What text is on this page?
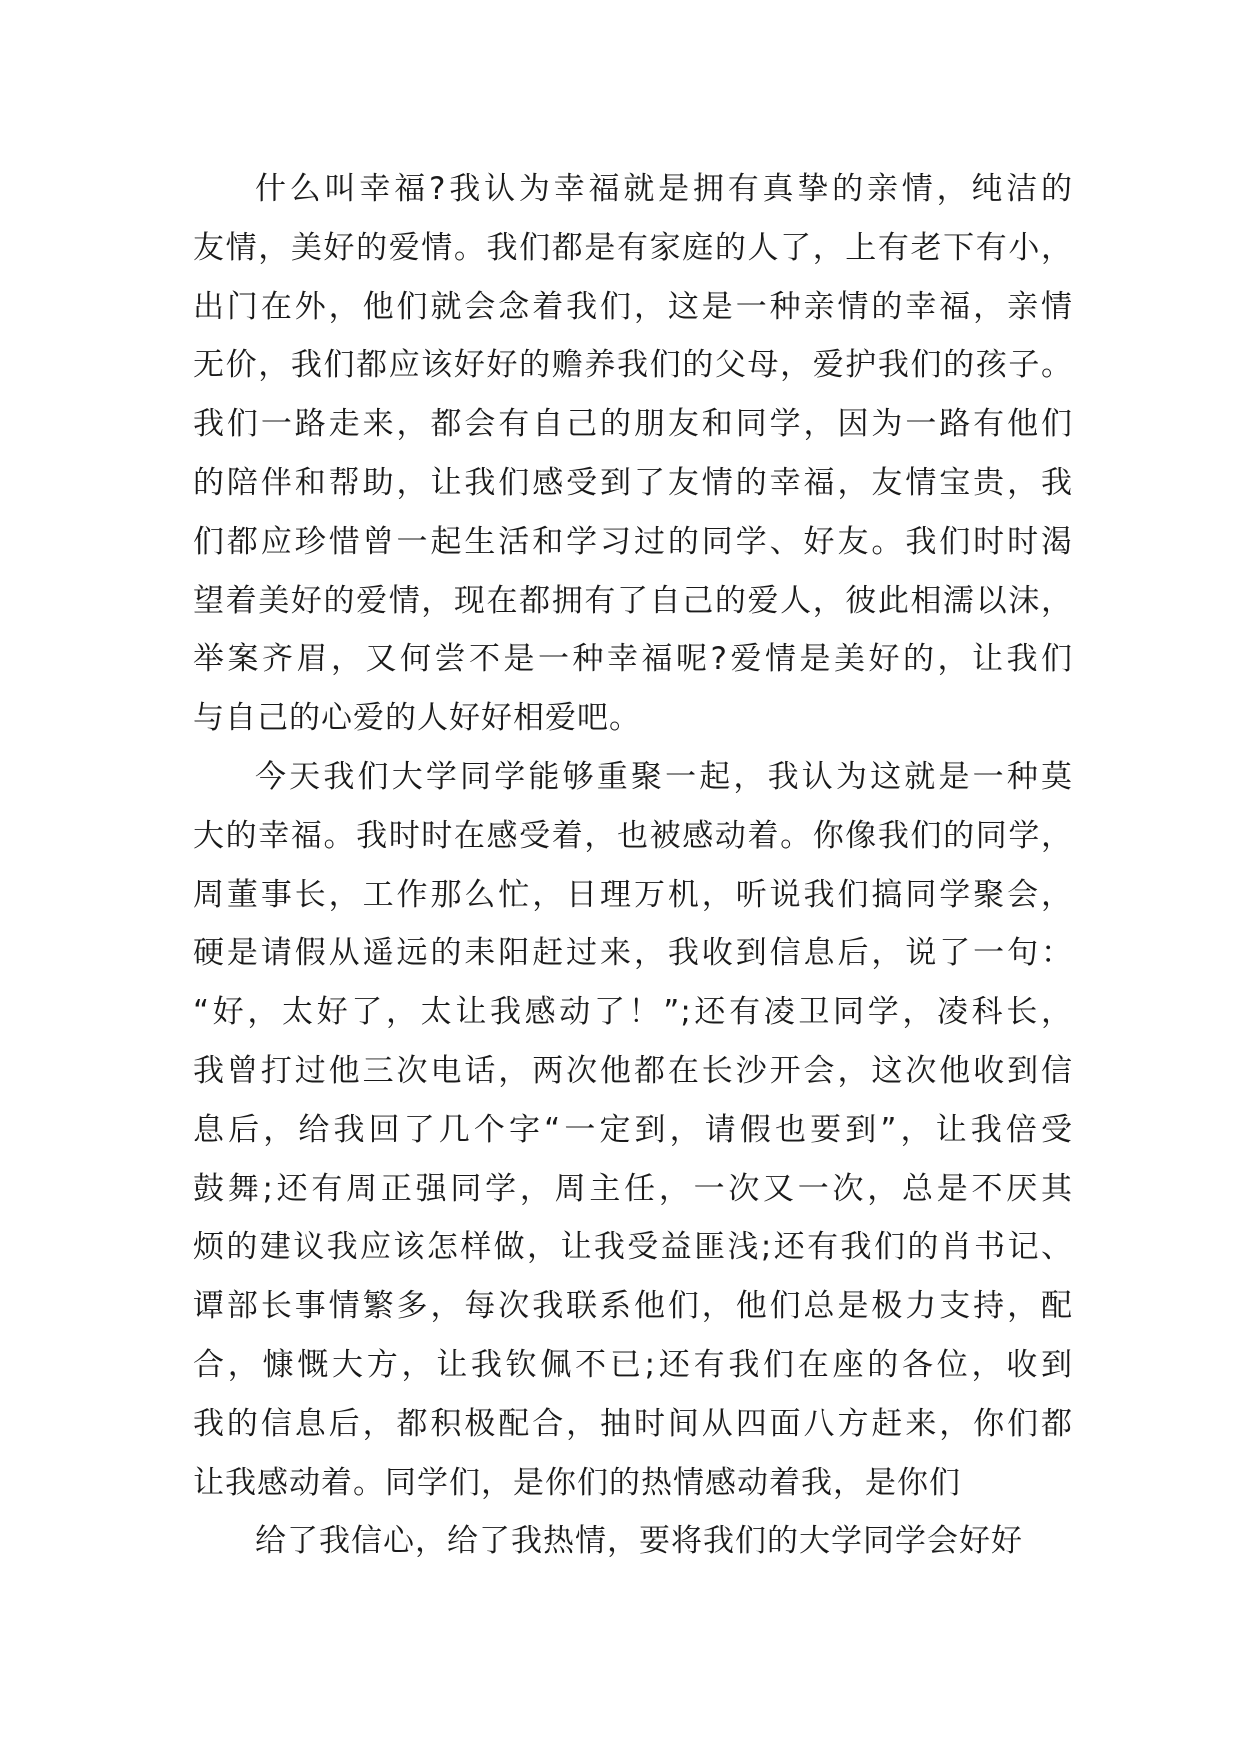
什么叫幸福?我认为幸福就是拥有真挚的亲情，纯洁的
友情，美好的爱情。我们都是有家庭的人了，上有老下有小，
出门在外，他们就会念着我们，这是一种亲情的幸福，亲情
无价，我们都应该好好的赡养我们的父母，爱护我们的孩子。
我们一路走来，都会有自己的朋友和同学，因为一路有他们
的陪伴和帮助，让我们感受到了友情的幸福，友情宝贵，我
们都应珍惜曾一起生活和学习过的同学、好友。我们时时渴
望着美好的爱情，现在都拥有了自己的爱人，彼此相濡以沫，
举案齐眉，又何尝不是一种幸福呢?爱情是美好的，让我们
与自己的心爱的人好好相爱吧。
今天我们大学同学能够重聚一起，我认为这就是一种莫
大的幸福。我时时在感受着，也被感动着。你像我们的同学，
周董事长，工作那么忙，日理万机，听说我们搞同学聚会，
硬是请假从遥远的耒阳赶过来，我收到信息后，说了一句：
“好，太好了，太让我感动了！”;还有凌卫同学，凌科长，
我曾打过他三次电话，两次他都在长沙开会，这次他收到信
息后，给我回了几个字“一定到，请假也要到”，让我倍受
鼓舞;还有周正强同学，周主任，一次又一次，总是不厌其
烦的建议我应该怎样做，让我受益匪浅;还有我们的肖书记、
谭部长事情繁多，每次我联系他们，他们总是极力支持，配
合，慷慨大方，让我钦佩不已;还有我们在座的各位，收到
我的信息后，都积极配合，抽时间从四面八方赶来，你们都
让我感动着。同学们，是你们的热情感动着我，是你们
给了我信心，给了我热情，要将我们的大学同学会好好
